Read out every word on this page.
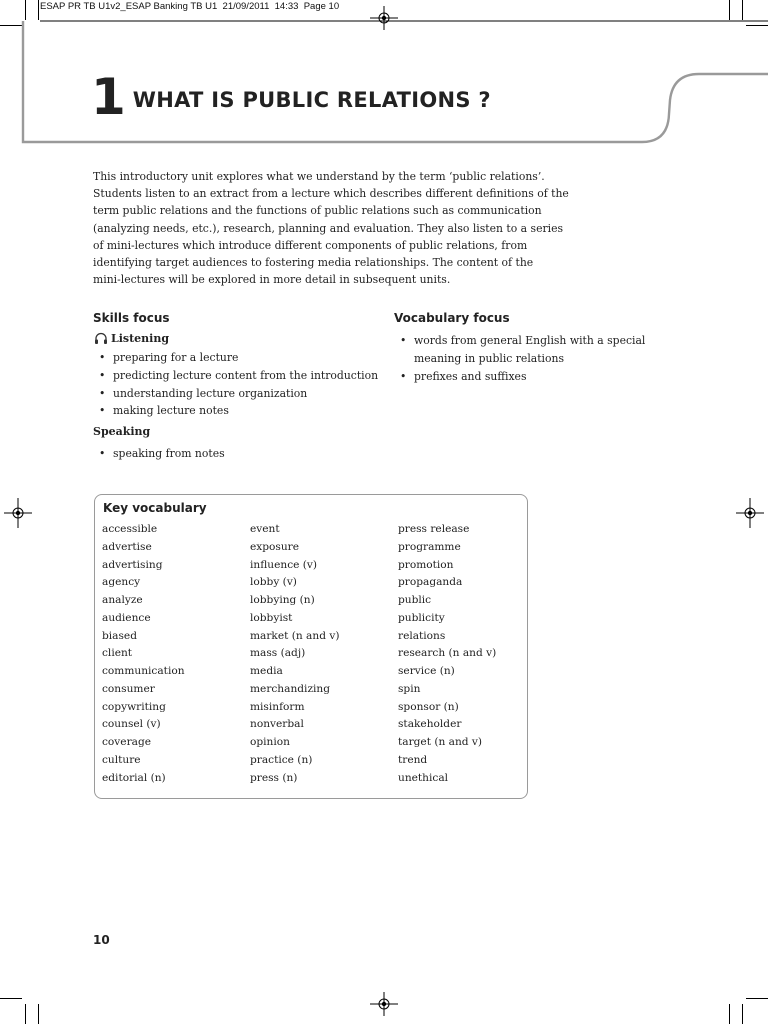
ESAP PR TB U1v2_ESAP Banking TB U1  21/09/2011  14:33  Page 10
1 WHAT IS PUBLIC RELATIONS ?

This introductory unit explores what we understand by the term ‘public relations’.
Students listen to an extract from a lecture which describes different definitions of the
term public relations and the functions of public relations such as communication
(analyzing needs, etc.), research, planning and evaluation. They also listen to a series
of mini-lectures which introduce different components of public relations, from
identifying target audiences to fostering media relationships. The content of the
mini-lectures will be explored in more detail in subsequent units.

Skills focus
Listening
• preparing for a lecture
• predicting lecture content from the introduction
• understanding lecture organization
• making lecture notes
Speaking
• speaking from notes
Vocabulary focus
• words from general English with a special meaning in public relations
• prefixes and suffixes
Key vocabulary
accessible
advertise
advertising
agency
analyze
audience
biased
client
communication
consumer
copywriting
counsel (v)
coverage
culture
editorial (n)
event
exposure
influence (v)
lobby (v)
lobbying (n)
lobbyist
market (n and v)
mass (adj)
media
merchandizing
misinform
nonverbal
opinion
practice (n)
press (n)
press release
programme
promotion
propaganda
public
publicity
relations
research (n and v)
service (n)
spin
sponsor (n)
stakeholder
target (n and v)
trend
unethical
10
